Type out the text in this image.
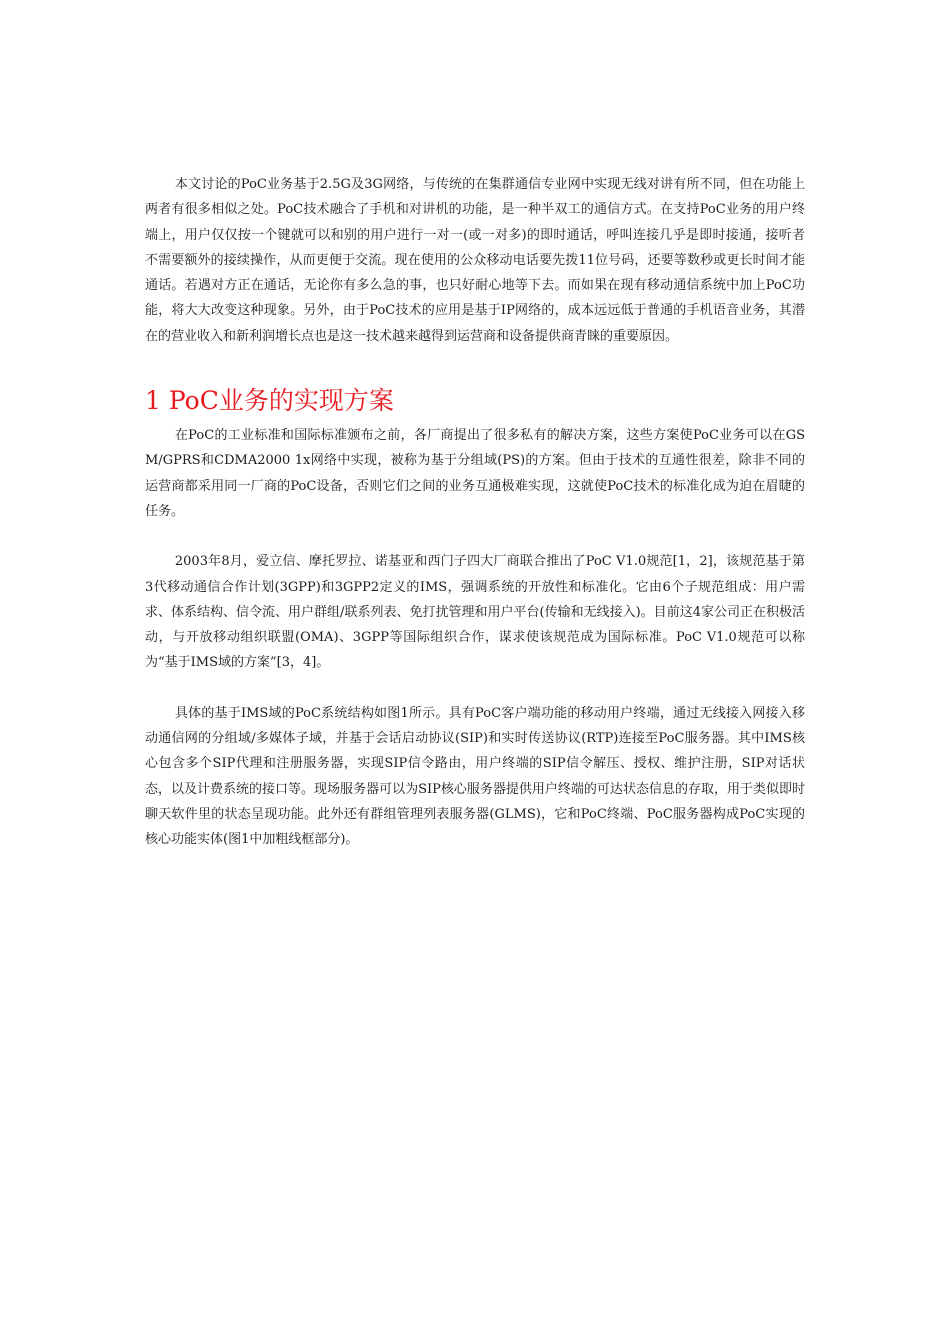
本文讨论的PoC业务基于2.5G及3G网络，与传统的在集群通信专业网中实现无线对讲有所不同，但在功能上两者有很多相似之处。PoC技术融合了手机和对讲机的功能，是一种半双工的通信方式。在支持PoC业务的用户终端上，用户仅仅按一个键就可以和别的用户进行一对一(或一对多)的即时通话，呼叫连接几乎是即时接通，接听者不需要额外的接续操作，从而更便于交流。现在使用的公众移动电话要先拨11位号码，还要等数秒或更长时间才能通话。若遇对方正在通话，无论你有多么急的事，也只好耐心地等下去。而如果在现有移动通信系统中加上PoC功能，将大大改变这种现象。另外，由于PoC技术的应用是基于IP网络的，成本远远低于普通的手机语音业务，其潜在的营业收入和新利润增长点也是这一技术越来越得到运营商和设备提供商青睐的重要原因。

1 PoC业务的实现方案

在PoC的工业标准和国际标准颁布之前，各厂商提出了很多私有的解决方案，这些方案使PoC业务可以在GSM/GPRS和CDMA2000 1x网络中实现，被称为基于分组域(PS)的方案。但由于技术的互通性很差，除非不同的运营商都采用同一厂商的PoC设备，否则它们之间的业务互通极难实现，这就使PoC技术的标准化成为迫在眉睫的任务。

2003年8月，爱立信、摩托罗拉、诺基亚和西门子四大厂商联合推出了PoC V1.0规范[1，2]，该规范基于第3代移动通信合作计划(3GPP)和3GPP2定义的IMS，强调系统的开放性和标准化。它由6个子规范组成：用户需求、体系结构、信令流、用户群组/联系列表、免打扰管理和用户平台(传输和无线接入)。目前这4家公司正在积极活动，与开放移动组织联盟(OMA)、3GPP等国际组织合作，谋求使该规范成为国际标准。PoC V1.0规范可以称为“基于IMS域的方案”[3，4]。

具体的基于IMS域的PoC系统结构如图1所示。具有PoC客户端功能的移动用户终端，通过无线接入网接入移动通信网的分组域/多媒体子域，并基于会话启动协议(SIP)和实时传送协议(RTP)连接至PoC服务器。其中IMS核心包含多个SIP代理和注册服务器，实现SIP信令路由，用户终端的SIP信令解压、授权、维护注册，SIP对话状态，以及计费系统的接口等。现场服务器可以为SIP核心服务器提供用户终端的可达状态信息的存取，用于类似即时聊天软件里的状态呈现功能。此外还有群组管理列表服务器(GLMS)，它和PoC终端、PoC服务器构成PoC实现的核心功能实体(图1中加粗线框部分)。
